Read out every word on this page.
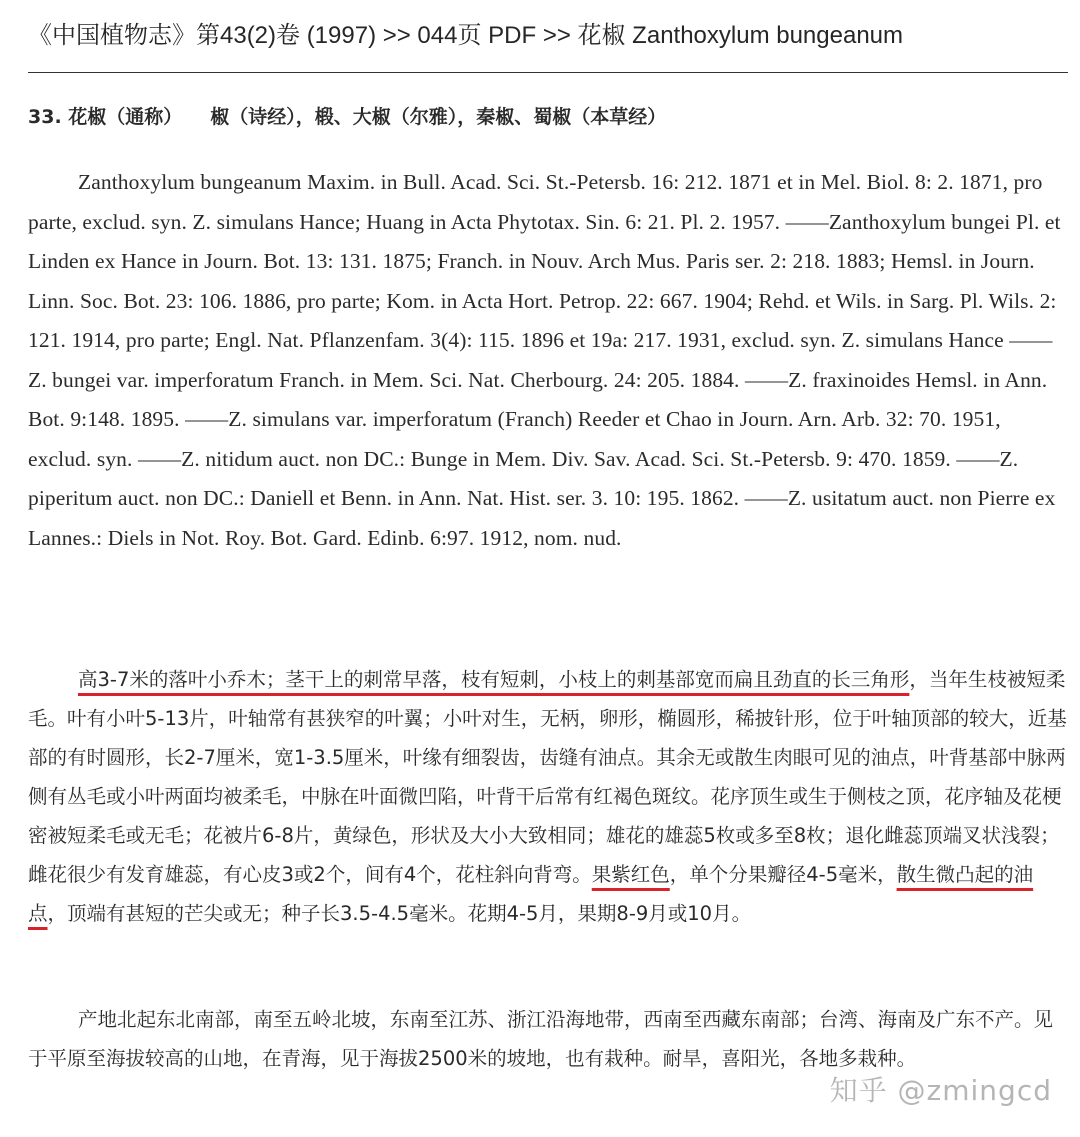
《中国植物志》第43(2)卷 (1997) >> 044页 PDF >> 花椒 Zanthoxylum bungeanum
33. 花椒（通称） 椒（诗经），椴、大椒（尔雅），秦椒、蜀椒（本草经）
Zanthoxylum bungeanum Maxim. in Bull. Acad. Sci. St.-Petersb. 16: 212. 1871 et in Mel. Biol. 8: 2. 1871, pro parte, exclud. syn. Z. simulans Hance; Huang in Acta Phytotax. Sin. 6: 21. Pl. 2. 1957. ——Zanthoxylum bungei Pl. et Linden ex Hance in Journ. Bot. 13: 131. 1875; Franch. in Nouv. Arch Mus. Paris ser. 2: 218. 1883; Hemsl. in Journ. Linn. Soc. Bot. 23: 106. 1886, pro parte; Kom. in Acta Hort. Petrop. 22: 667. 1904; Rehd. et Wils. in Sarg. Pl. Wils. 2: 121. 1914, pro parte; Engl. Nat. Pflanzenfam. 3(4): 115. 1896 et 19a: 217. 1931, exclud. syn. Z. simulans Hance ——Z. bungei var. imperforatum Franch. in Mem. Sci. Nat. Cherbourg. 24: 205. 1884. ——Z. fraxinoides Hemsl. in Ann. Bot. 9:148. 1895. ——Z. simulans var. imperforatum (Franch) Reeder et Chao in Journ. Arn. Arb. 32: 70. 1951, exclud. syn. ——Z. nitidum auct. non DC.: Bunge in Mem. Div. Sav. Acad. Sci. St.-Petersb. 9: 470. 1859. ——Z. piperitum auct. non DC.: Daniell et Benn. in Ann. Nat. Hist. ser. 3. 10: 195. 1862. ——Z. usitatum auct. non Pierre ex Lannes.: Diels in Not. Roy. Bot. Gard. Edinb. 6:97. 1912, nom. nud.
高3-7米的落叶小乔木；茎干上的刺常早落，枝有短刺，小枝上的刺基部宽而扁且劲直的长三角形，当年生枝被短柔毛。叶有小叶5-13片，叶轴常有甚狭窄的叶翼；小叶对生，无柄，卵形，椭圆形，稀披针形，位于叶轴顶部的较大，近基部的有时圆形，长2-7厘米，宽1-3.5厘米，叶缘有细裂齿，齿缝有油点。其余无或散生肉眼可见的油点，叶背基部中脉两侧有丛毛或小叶两面均被柔毛，中脉在叶面微凹陷，叶背干后常有红褐色斑纹。花序顶生或生于侧枝之顶，花序轴及花梗密被短柔毛或无毛；花被片6-8片，黄绿色，形状及大小大致相同；雄花的雄蕊5枚或多至8枚；退化雌蕊顶端叉状浅裂；雌花很少有发育雄蕊，有心皮3或2个，间有4个，花柱斜向背弯。果紫红色，单个分果瓣径4-5毫米，散生微凸起的油点，顶端有甚短的芒尖或无；种子长3.5-4.5毫米。花期4-5月，果期8-9月或10月。
产地北起东北南部，南至五岭北坡，东南至江苏、浙江沿海地带，西南至西藏东南部；台湾、海南及广东不产。见于平原至海拔较高的山地，在青海，见于海拔2500米的坡地，也有栽种。耐旱，喜阳光，各地多栽种。
知乎 @zmingcd
